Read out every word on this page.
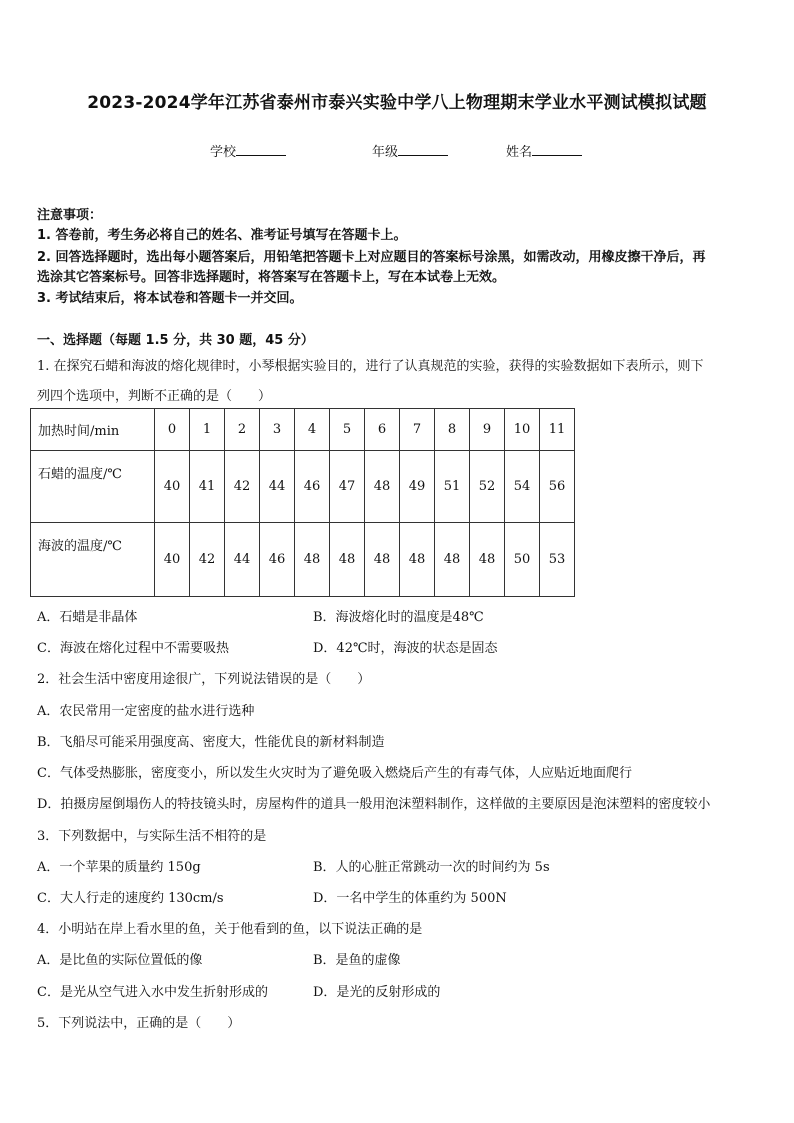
2023-2024学年江苏省泰州市泰兴实验中学八上物理期末学业水平测试模拟试题
学校	年级	姓名
注意事项：
1. 答卷前，考生务必将自己的姓名、准考证号填写在答题卡上。
2. 回答选择题时，选出每小题答案后，用铅笔把答题卡上对应题目的答案标号涂黑，如需改动，用橡皮擦干净后，再
选涂其它答案标号。回答非选择题时，将答案写在答题卡上，写在本试卷上无效。
3. 考试结束后，将本试卷和答题卡一并交回。
一、选择题（每题 1.5 分，共 30 题，45 分）
1. 在探究石蜡和海波的熔化规律时，小琴根据实验目的，进行了认真规范的实验，获得的实验数据如下表所示，则下
列四个选项中，判断不正确的是（　　）
加热时间/min	0	1	2	3	4	5	6	7	8	9	10	11
石蜡的温度/℃	40	41	42	44	46	47	48	49	51	52	54	56
海波的温度/℃	40	42	44	46	48	48	48	48	48	48	50	53
A．石蜡是非晶体	B．海波熔化时的温度是48℃
C．海波在熔化过程中不需要吸热	D．42℃时，海波的状态是固态
2．社会生活中密度用途很广，下列说法错误的是（　　）
A．农民常用一定密度的盐水进行选种
B．飞船尽可能采用强度高、密度大，性能优良的新材料制造
C．气体受热膨胀，密度变小，所以发生火灾时为了避免吸入燃烧后产生的有毒气体，人应贴近地面爬行
D．拍摄房屋倒塌伤人的特技镜头时，房屋构件的道具一般用泡沫塑料制作，这样做的主要原因是泡沫塑料的密度较小
3．下列数据中，与实际生活不相符的是
A．一个苹果的质量约 150g	B．人的心脏正常跳动一次的时间约为 5s
C．大人行走的速度约 130cm/s	D．一名中学生的体重约为 500N
4．小明站在岸上看水里的鱼，关于他看到的鱼，以下说法正确的是
A．是比鱼的实际位置低的像	B．是鱼的虚像
C．是光从空气进入水中发生折射形成的	D．是光的反射形成的
5．下列说法中，正确的是（　　）
